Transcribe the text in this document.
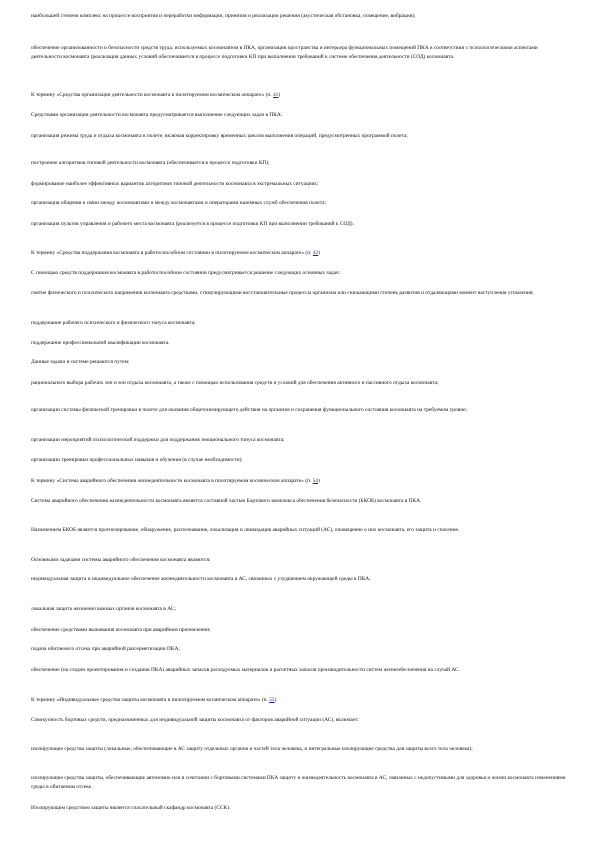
наибольшей степени комплекс на процессе восприятия и переработки информации, принятия и реализации решения (акустическая обстановка, освещение, вибрация);
обеспечение организованности и безопасности средств труда, используемых космонавтом в ПКА, организация пространства и интерьера функциональных помещений ПКА в соответствии с психологическими аспектами деятельности космонавта (реализация данных условий обеспечивается в процессе подготовки КП при выполнении требований к системе обеспечения деятельности (СОД) космонавта.
К термину «Средства организации деятельности космонавта в пилотируемом космическом аппарате» (п. 41)
Средствами организации деятельности космонавта предусматривается выполнение следующих задач в ПКА:
организация режима труда и отдыха космонавта в полете, включая корректировку временных циклов выполнения операций, предусмотренных программой полета;
построение алгоритмов типовой деятельности космонавта (обеспечивается в процессе подготовки КП);
формирование наиболее эффективных вариантов алгоритмов типовой деятельности космонавта в экстремальных ситуациях;
организация общения и связи между космонавтами и между космонавтами и операторами наземных служб обеспечения полета;
организация пультов управления и рабочего места космонавта (реализуется в процессе подготовки КП при выполнении требований к СОД).
К термину «Средства поддержания космонавта в работоспособном состоянии в пилотируемом космическом аппарате» (п. 42)
С помощью средств поддержания космонавта в работоспособном состоянии предусматривается решение следующих основных задач:
снятие физического и психического напряжения космонавта средствами, стимулирующими восстановительные процессы организма или снижающими степень развития и отдаляющими момент наступления утомления;
поддержание рабочего психического и физического тонуса космонавта;
поддержание профессиональной квалификации космонавта.
Данные задачи в системе решаются путем:
рационального выбора рабочих зон и зон отдыха космонавта, а также с помощью использования средств и условий для обеспечения активного и пассивного отдыха космонавта;
организации системы физической тренировки в полете для оказания общетонизирующего действия на организм и сохранения функционального состояния космонавта на требуемом уровне;
организации мероприятий психологической поддержки для поддержания эмоционального тонуса космонавта;
организации тренировки профессиональных навыков и обучения (в случае необходимости).
К термину «Система аварийного обеспечения жизнедеятельности космонавта в пилотируемом космическом аппарате» (п. 54)
Система аварийного обеспечения жизнедеятельности космонавта является составной частью Бортового комплекса обеспечения безопасности (БКОБ) космонавта в ПКА.
Назначением БКОБ является прогнозирование, обнаружение, распознавание, локализация и ликвидация аварийных ситуаций (АС), оповещение о них космонавта, его защита и спасение.
Основными задачами системы аварийного обеспечения космонавта являются:
индивидуальная защита и индивидуальное обеспечение жизнедеятельности космонавта в АС, связанных с ухудшением окружающей среды в ПКА;
локальная защита жизненно важных органов космонавта в АС;
обеспечение средствами выживания космонавта при аварийном приземлении;
подача обитаемого отсека при аварийной разгерметизации ПКА;
обеспечение (на стадии проектирования и создания ПКА) аварийных запасов расходуемых материалов и расчетных запасов производительности систем жизнеобеспечения на случай АС.
К термину «Индивидуальные средства защиты космонавта в пилотируемом космическом аппарате» (п. 55)
Совокупность бортовых средств, предназначенных для индивидуальной защиты космонавта от факторов аварийной ситуации (АС), включает:
изолирующие средства защиты (локальные, обеспечивающие в АС защиту отдельных органов и частей тела человека, и интегральные изолирующие средства для защиты всего тела человека);
изолирующие средства защиты, обеспечивающие автономно или в сочетании с бортовыми системами ПКА защиту и жизнедеятельность космонавта в АС, связанных с недопустимыми для здоровья и жизни космонавта изменениями среды в обитаемом отсеке.
Изолирующим средством защиты является спасательный скафандр космонавта (ССК).
